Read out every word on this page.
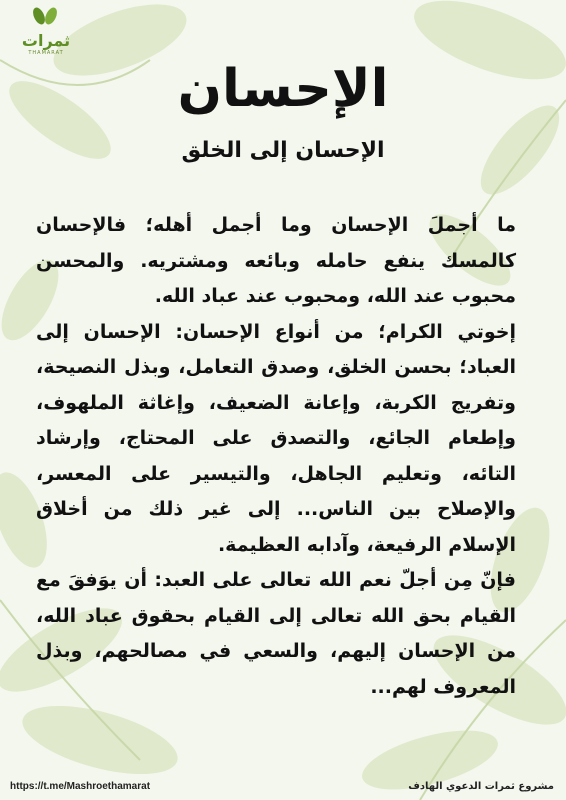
ثمرات
THAMARAT
الإحسان
الإحسان إلى الخلق

ما أجملَ الإحسان وما أجمل أهله؛ فالإحسان كالمسك ينفع حامله وبائعه ومشتريه. والمحسن محبوب عند الله، ومحبوب عند عباد الله.

إخوتي الكرام؛ من أنواع الإحسان: الإحسان إلى العباد؛ بحسن الخلق، وصدق التعامل، وبذل النصيحة، وتفريج الكربة، وإعانة الضعيف، وإغاثة الملهوف، وإطعام الجائع، والتصدق على المحتاج، وإرشاد التائه، وتعليم الجاهل، والتيسير على المعسر، والإصلاح بين الناس... إلى غير ذلك من أخلاق الإسلام الرفيعة، وآدابه العظيمة.

فإنّ مِن أجلّ نعم الله تعالى على العبد: أن يوَفقَ مع القيام بحق الله تعالى إلى القيام بحقوق عباد الله، من الإحسان إليهم، والسعي في مصالحهم، وبذل المعروف لهم...

https://t.me/Mashroethamarat	مشروع ثمرات الدعوي الهادف
